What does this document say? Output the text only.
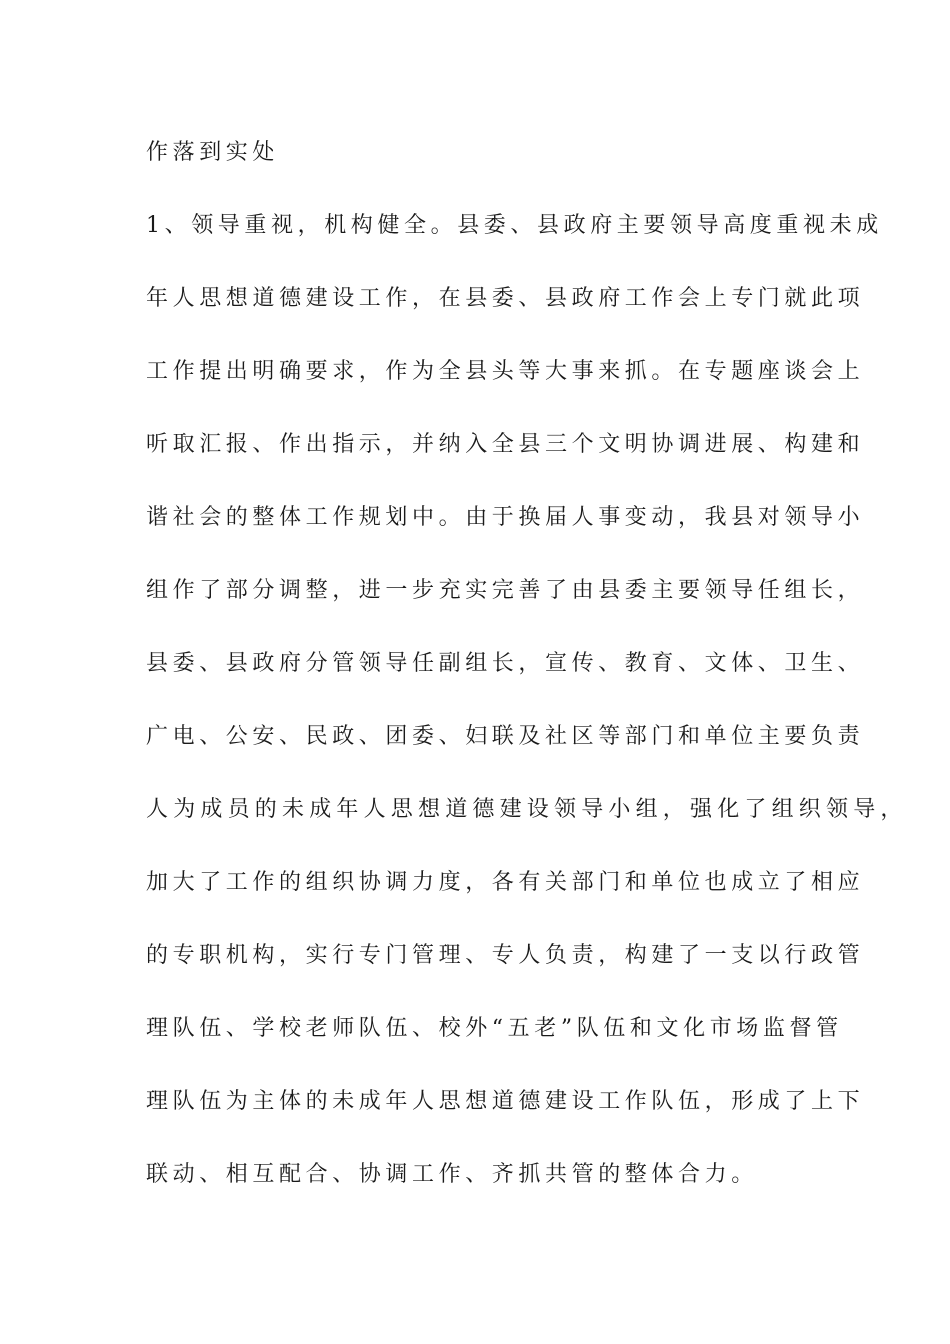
作落到实处
1、领导重视，机构健全。县委、县政府主要领导高度重视未成
年人思想道德建设工作，在县委、县政府工作会上专门就此项
工作提出明确要求，作为全县头等大事来抓。在专题座谈会上
听取汇报、作出指示，并纳入全县三个文明协调进展、构建和
谐社会的整体工作规划中。由于换届人事变动，我县对领导小
组作了部分调整，进一步充实完善了由县委主要领导任组长，
县委、县政府分管领导任副组长，宣传、教育、文体、卫生、
广电、公安、民政、团委、妇联及社区等部门和单位主要负责
人为成员的未成年人思想道德建设领导小组，强化了组织领导，
加大了工作的组织协调力度，各有关部门和单位也成立了相应
的专职机构，实行专门管理、专人负责，构建了一支以行政管
理队伍、学校老师队伍、校外“五老”队伍和文化市场监督管
理队伍为主体的未成年人思想道德建设工作队伍，形成了上下
联动、相互配合、协调工作、齐抓共管的整体合力。
